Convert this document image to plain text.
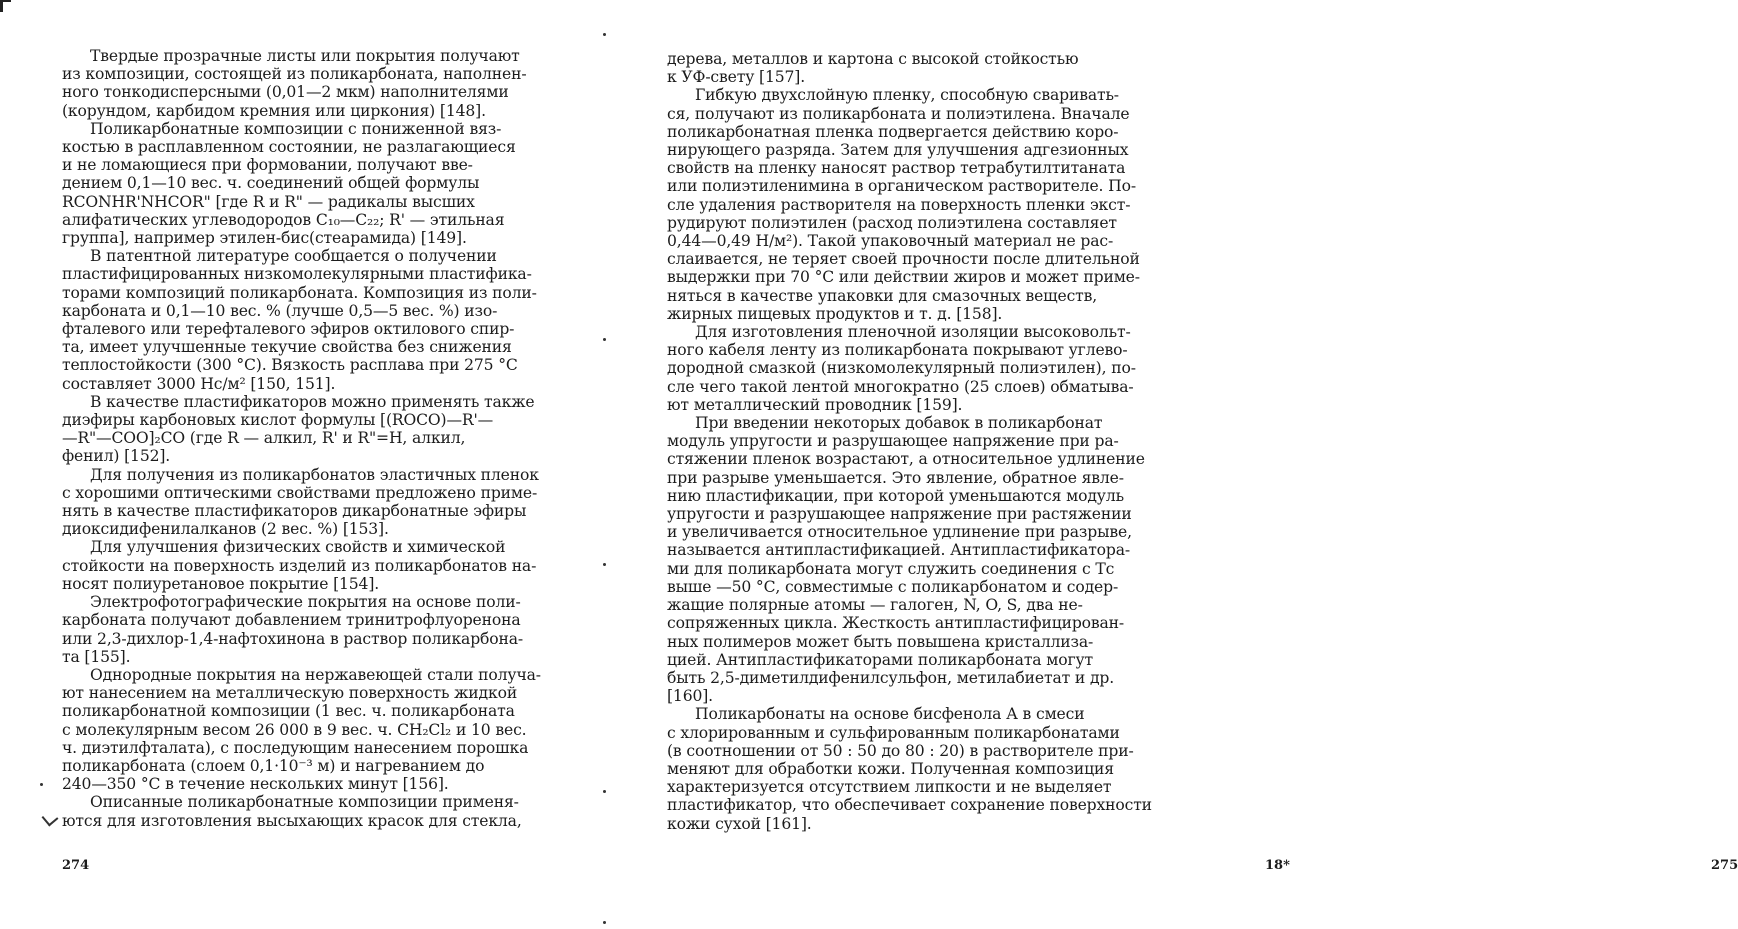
Твердые прозрачные листы или покрытия получают
из композиции, состоящей из поликарбоната, наполнен-
ного тонкодисперсными (0,01—2 мкм) наполнителями
(корундом, карбидом кремния или циркония) [148].
Поликарбонатные композиции с пониженной вяз-
костью в расплавленном состоянии, не разлагающиеся
и не ломающиеся при формовании, получают вве-
дением 0,1—10 вес. ч. соединений общей формулы
RCONHR'NHCOR" [где R и R" — радикалы высших
алифатических углеводородов C₁₀—C₂₂; R' — этильная
группа], например этилен-бис(стеарамида) [149].
В патентной литературе сообщается о получении
пластифицированных низкомолекулярными пластифика-
торами композиций поликарбоната. Композиция из поли-
карбоната и 0,1—10 вес. % (лучше 0,5—5 вес. %) изо-
фталевого или терефталевого эфиров октилового спир-
та, имеет улучшенные текучие свойства без снижения
теплостойкости (300 °С). Вязкость расплава при 275 °С
составляет 3000 Нс/м² [150, 151].
В качестве пластификаторов можно применять также
диэфиры карбоновых кислот формулы [(ROCO)—R'—
—R"—COO]₂CO (где R — алкил, R' и R"=H, алкил,
фенил) [152].
Для получения из поликарбонатов эластичных пленок
с хорошими оптическими свойствами предложено приме-
нять в качестве пластификаторов дикарбонатные эфиры
диоксидифенилалканов (2 вес. %) [153].
Для улучшения физических свойств и химической
стойкости на поверхность изделий из поликарбонатов на-
носят полиуретановое покрытие [154].
Электрофотографические покрытия на основе поли-
карбоната получают добавлением тринитрофлуоренона
или 2,3-дихлор-1,4-нафтохинона в раствор поликарбона-
та [155].
Однородные покрытия на нержавеющей стали получа-
ют нанесением на металлическую поверхность жидкой
поликарбонатной композиции (1 вес. ч. поликарбоната
с молекулярным весом 26 000 в 9 вес. ч. CH₂Cl₂ и 10 вес.
ч. диэтилфталата), с последующим нанесением порошка
поликарбоната (слоем 0,1·10⁻³ м) и нагреванием до
240—350 °С в течение нескольких минут [156].
Описанные поликарбонатные композиции применя-
ются для изготовления высыхающих красок для стекла,
274
дерева, металлов и картона с высокой стойкостью
к УФ-свету [157].
Гибкую двухслойную пленку, способную сваривать-
ся, получают из поликарбоната и полиэтилена. Вначале
поликарбонатная пленка подвергается действию коро-
нирующего разряда. Затем для улучшения адгезионных
свойств на пленку наносят раствор тетрабутилтитаната
или полиэтиленимина в органическом растворителе. По-
сле удаления растворителя на поверхность пленки экст-
рудируют полиэтилен (расход полиэтилена составляет
0,44—0,49 Н/м²). Такой упаковочный материал не рас-
слаивается, не теряет своей прочности после длительной
выдержки при 70 °С или действии жиров и может приме-
няться в качестве упаковки для смазочных веществ,
жирных пищевых продуктов и т. д. [158].
Для изготовления пленочной изоляции высоковольт-
ного кабеля ленту из поликарбоната покрывают углево-
дородной смазкой (низкомолекулярный полиэтилен), по-
сле чего такой лентой многократно (25 слоев) обматыва-
ют металлический проводник [159].
При введении некоторых добавок в поликарбонат
модуль упругости и разрушающее напряжение при ра-
стяжении пленок возрастают, а относительное удлинение
при разрыве уменьшается. Это явление, обратное явле-
нию пластификации, при которой уменьшаются модуль
упругости и разрушающее напряжение при растяжении
и увеличивается относительное удлинение при разрыве,
называется антипластификацией. Антипластификатора-
ми для поликарбоната могут служить соединения с Tс
выше —50 °С, совместимые с поликарбонатом и содер-
жащие полярные атомы — галоген, N, O, S, два не-
сопряженных цикла. Жесткость антипластифицирован-
ных полимеров может быть повышена кристаллиза-
цией. Антипластификаторами поликарбоната могут
быть 2,5-диметилдифенилсульфон, метилабиетат и др.
[160].
Поликарбонаты на основе бисфенола А в смеси
с хлорированным и сульфированным поликарбонатами
(в соотношении от 50 : 50 до 80 : 20) в растворителе при-
меняют для обработки кожи. Полученная композиция
характеризуется отсутствием липкости и не выделяет
пластификатор, что обеспечивает сохранение поверхности
кожи сухой [161].
18*	275
